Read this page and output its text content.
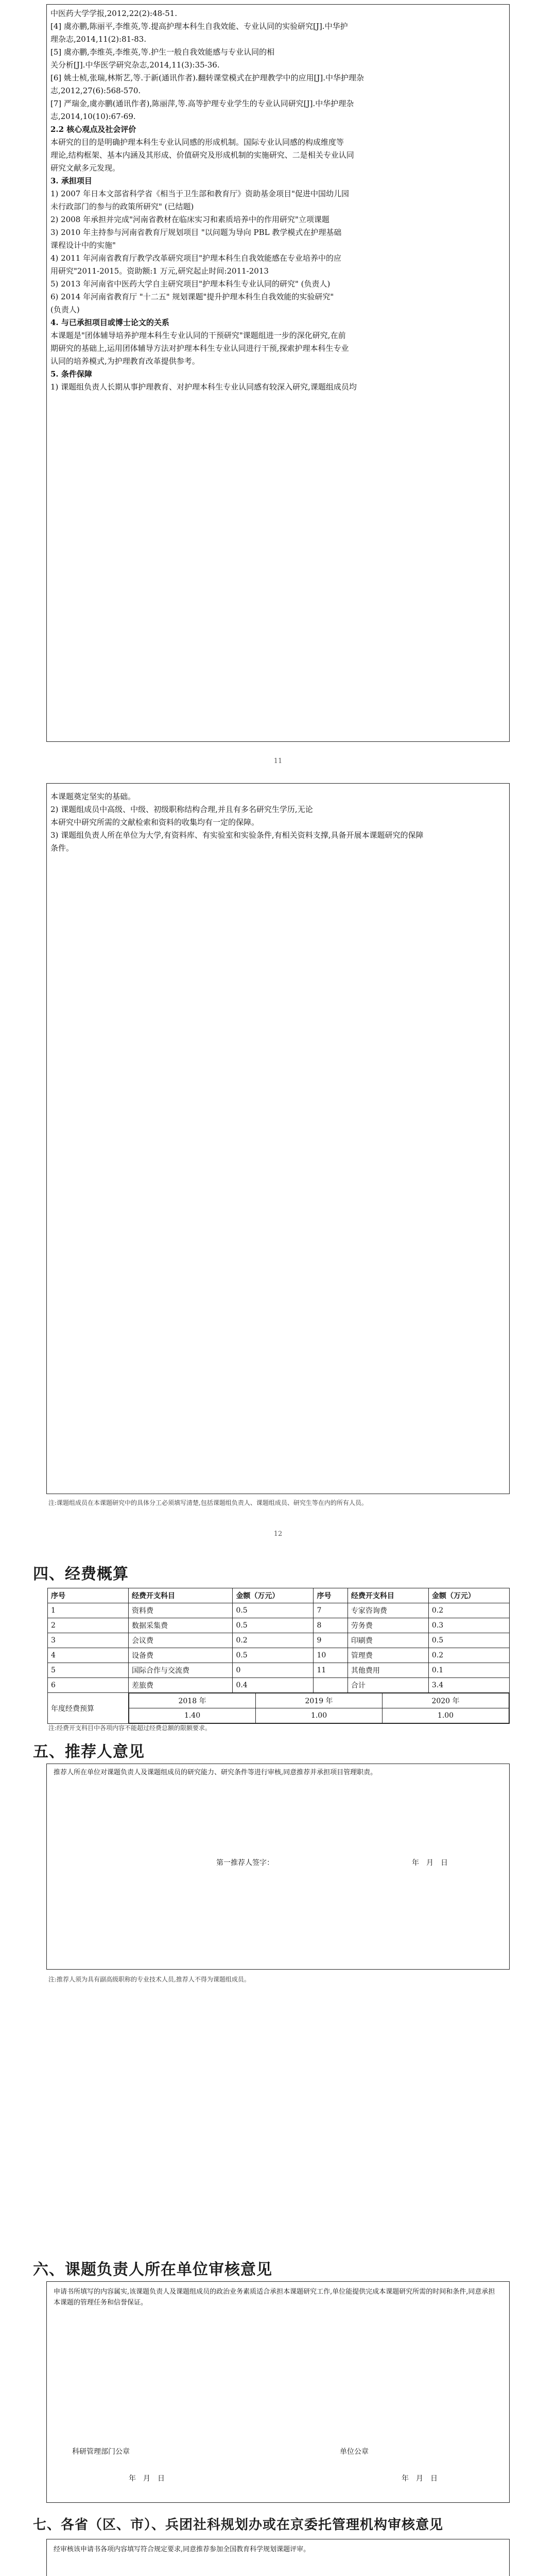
中医药大学学报,2012,22(2):48-51.

[4] 虞亦鹏,陈丽平,李维英,等.提高护理本科生自我效能、专业认同的实验研究[J].中华护

理杂志,2014,11(2):81-83.

[5] 虞亦鹏,李维英,李维英,等.护生一般自我效能感与专业认同的相

关分析[J].中华医学研究杂志,2014,11(3):35-36.

[6] 姚士桢,张瑞,林斯艺,等.于新(通讯作者).翻转课堂模式在护理教学中的应用[J].中华护理杂

志,2012,27(6):568-570.

[7] 严瑞金,虞亦鹏(通讯作者),陈丽萍,等.高等护理专业学生的专业认同研究[J].中华护理杂

志,2014,10(10):67-69.

2.2 核心观点及社会评价

本研究的目的是明确护理本科生专业认同感的形成机制。国际专业认同感的构成维度等

理论,结构框架、基本内涵及其形成、价值研究及形成机制的实施研究、二是相关专业认同

研究文献多元发现。

3. 承担项目

1) 2007 年日本文部省科学省《相当于卫生部和教育厅》资助基金项目"促进中国幼儿园

未行政部门的参与的政策所研究" (已结题)

2) 2008 年承担并完成"河南省教材在临床实习和素质培养中的作用研究"立项课题

3) 2010 年主持参与河南省教育厅规划项目 "以问题为导向 PBL 教学模式在护理基础

课程设计中的实施"

4) 2011 年河南省教育厅教学改革研究项目"护理本科生自我效能感在专业培养中的应

用研究"2011-2015。资助额:1 万元,研究起止时间:2011-2013

5) 2013 年河南省中医药大学自主研究项目"护理本科生专业认同的研究" (负责人)

6) 2014 年河南省教育厅 "十二五" 规划课题"提升护理本科生自我效能的实验研究"

(负责人)

4. 与已承担项目或博士论文的关系

本课题是"团体辅导培养护理本科生专业认同的干预研究"课题组进一步的深化研究,在前

期研究的基础上,运用团体辅导方法对护理本科生专业认同进行干预,探索护理本科生专业

认同的培养模式,为护理教育改革提供参考。

5. 条件保障

1) 课题组负责人长期从事护理教育、对护理本科生专业认同感有较深入研究,课题组成员均

11

本课题奠定坚实的基础。

2) 课题组成员中高级、中级、初级职称结构合理,并且有多名研究生学历,无论

本研究中研究所需的文献检索和资料的收集均有一定的保障。

3) 课题组负责人所在单位为大学,有资料库、有实验室和实验条件,有相关资料支撑,具备开展本课题研究的保障

条件。

注:课题组成员在本课题研究中的具体分工必须填写清楚,包括课题组负责人、课题组成员、研究生等在内的所有人员。
12
四、经费概算
序号	经费开支科目	金额（万元）	序号	经费开支科目	金额（万元）
1	资料费	0.5	7	专家咨询费	0.2
2	数据采集费	0.5	8	劳务费	0.3
3	会议费	0.2	9	印刷费	0.5
4	设备费	0.5	10	管理费	0.2
5	国际合作与交流费	0	11	其他费用	0.1
6	差旅费	0.4		合计	3.4
年度经费预算	
2018 年	2019 年	2020 年
1.40	1.00	1.00
注:经费开支科目中各项内容不能超过经费总额的限额要求。
五、推荐人意见
推荐人所在单位对课题负责人及课题组成员的研究能力、研究条件等进行审核,同意推荐并承担项目管理职责。
第一推荐人签字：	年　月　日
注:推荐人须为具有副高级职称的专业技术人员,推荐人不得为课题组成员。
六、课题负责人所在单位审核意见
申请书所填写的内容属实,该课题负责人及课题组成员的政治业务素质适合承担本课题研究工作,单位能提供完成本课题研究所需的时间和条件,同意承担本课题的管理任务和信誉保证。
科研管理部门公章	单位公章
年　月　日	年　月　日
七、各省（区、市）、兵团社科规划办或在京委托管理机构审核意见
经审核该申请书各项内容填写符合规定要求,同意推荐参加全国教育科学规划课题评审。
